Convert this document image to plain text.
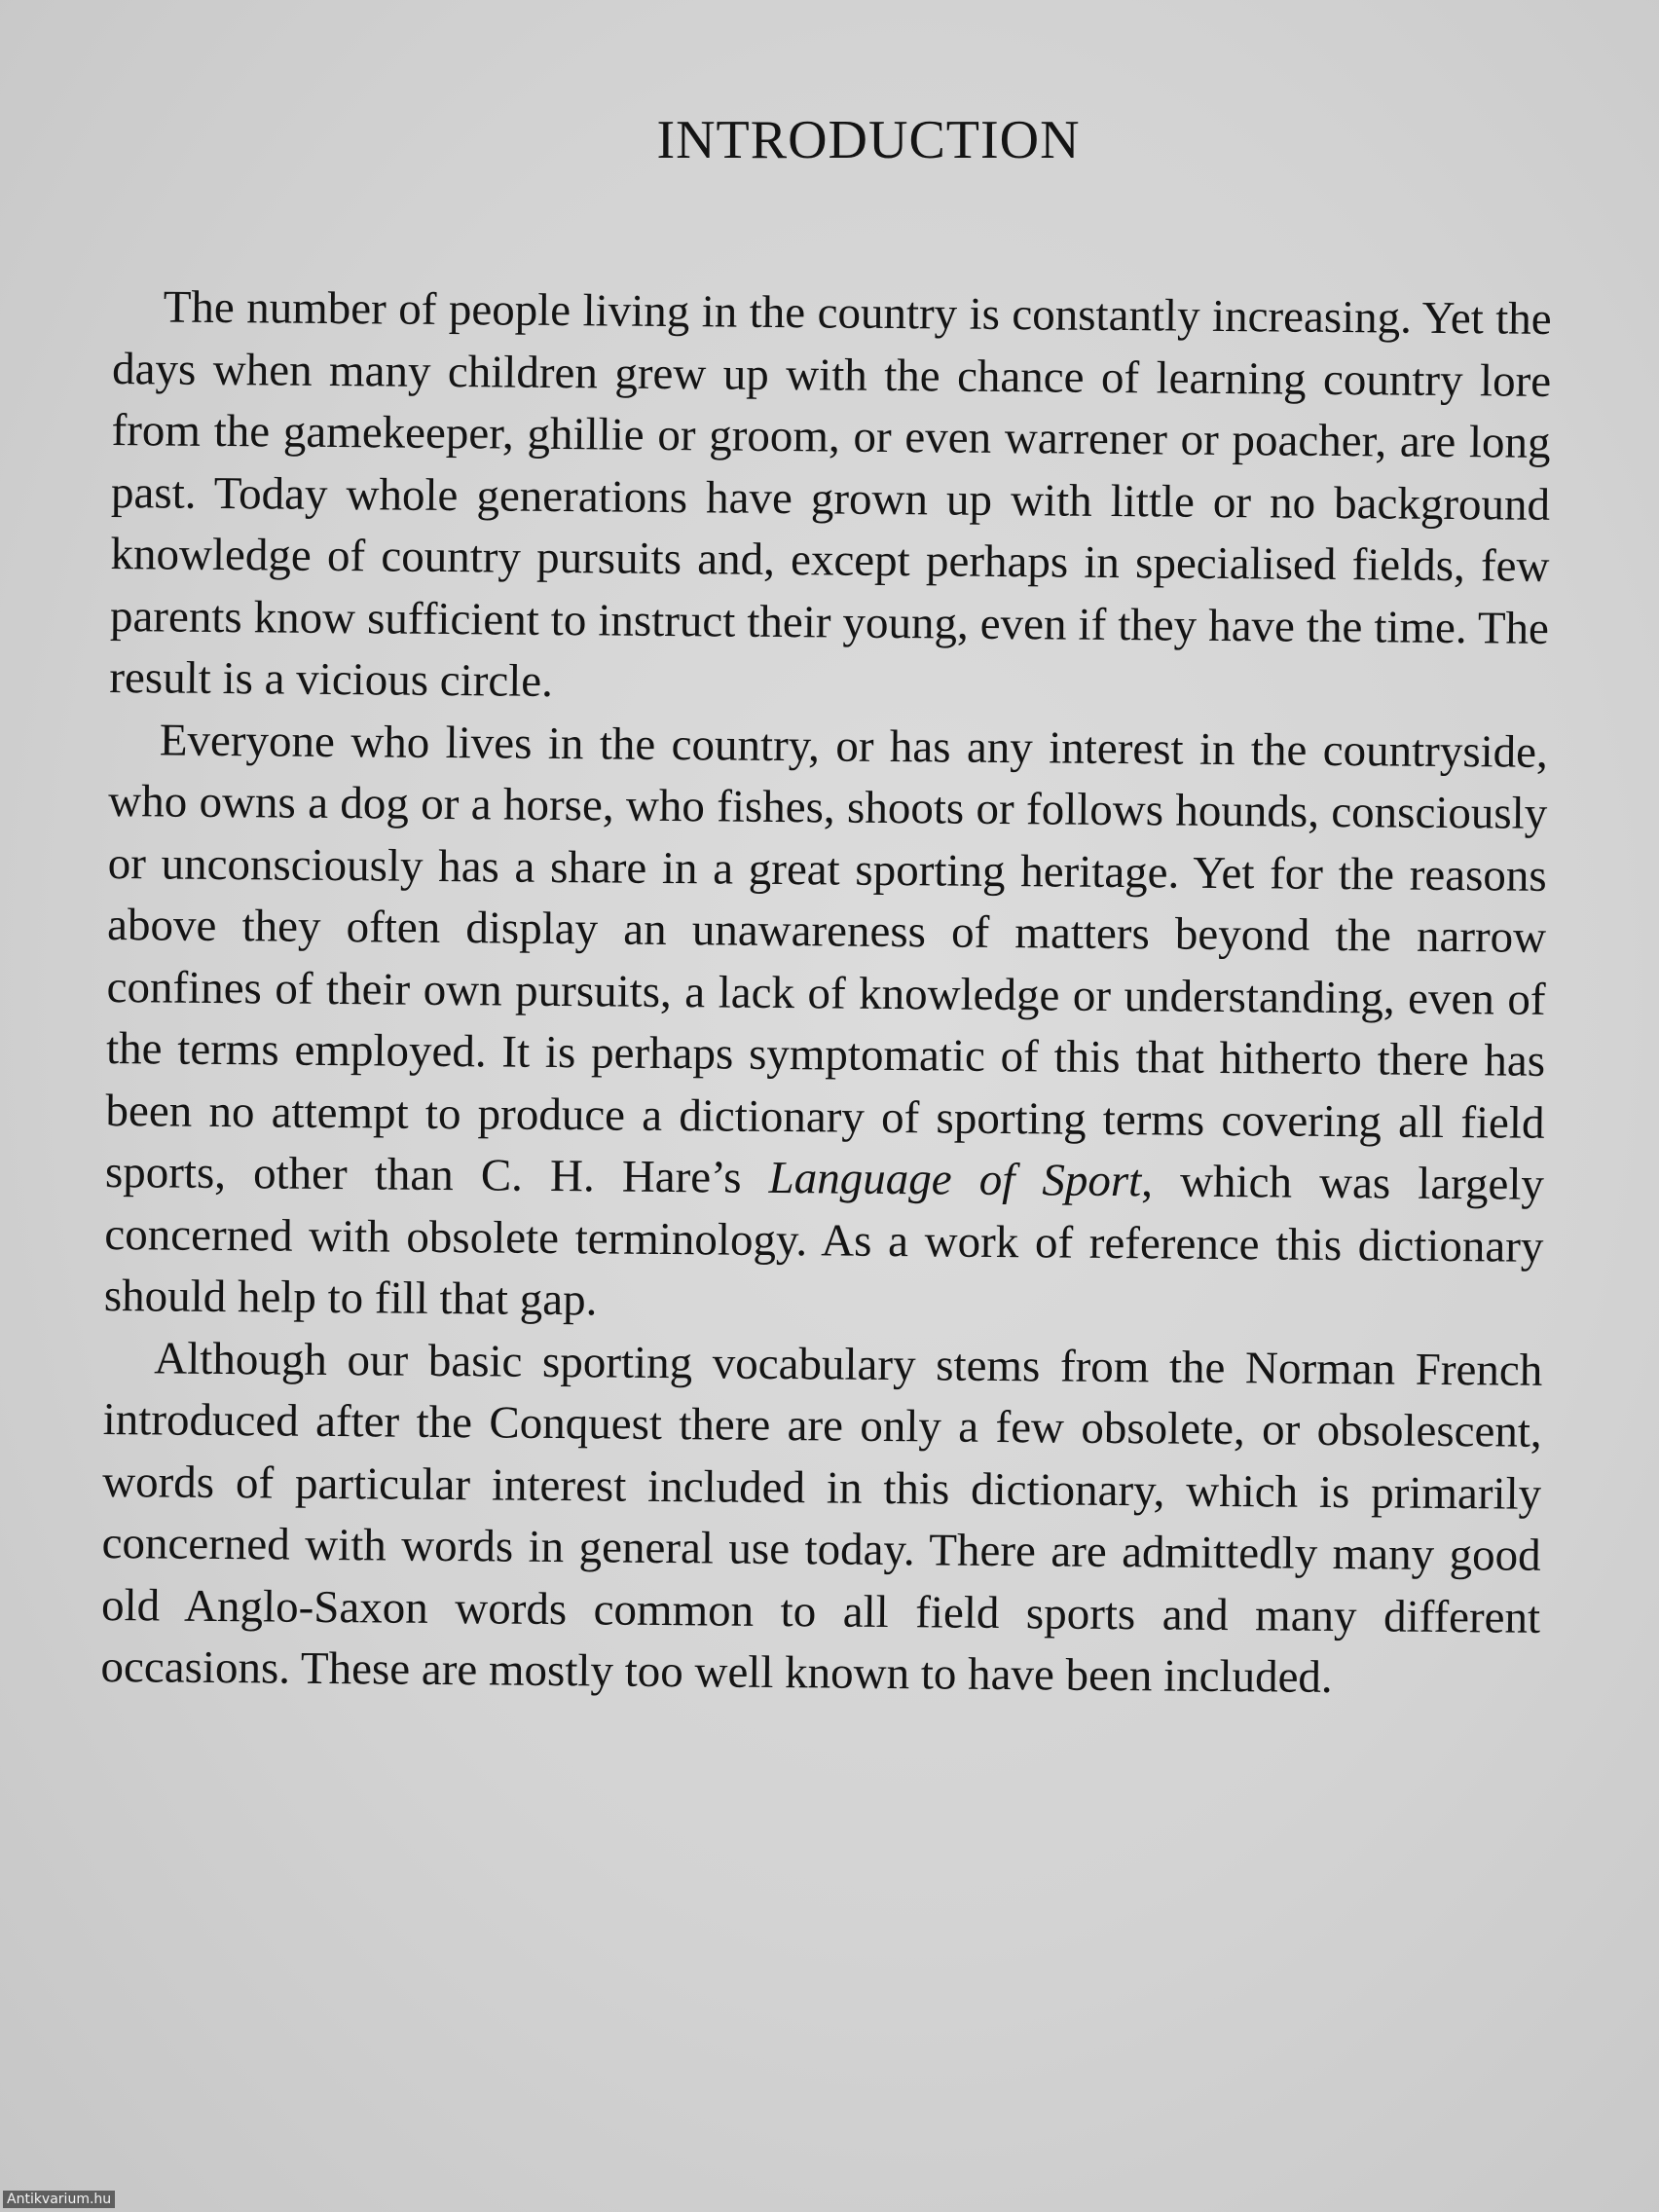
INTRODUCTION

The number of people living in the country is constantly increasing. Yet the days when many children grew up with the chance of learning country lore from the gamekeeper, ghillie or groom, or even warrener or poacher, are long past. Today whole generations have grown up with little or no background knowledge of country pursuits and, except perhaps in specialised fields, few parents know sufficient to instruct their young, even if they have the time. The result is a vicious circle.

Everyone who lives in the country, or has any interest in the countryside, who owns a dog or a horse, who fishes, shoots or follows hounds, consciously or unconsciously has a share in a great sporting heritage. Yet for the reasons above they often display an unawareness of matters beyond the narrow confines of their own pursuits, a lack of knowledge or understanding, even of the terms employed. It is perhaps symptomatic of this that hitherto there has been no attempt to produce a dictionary of sporting terms covering all field sports, other than C. H. Hare’s Language of Sport, which was largely concerned with obsolete terminology. As a work of reference this dictionary should help to fill that gap.

Although our basic sporting vocabulary stems from the Norman French introduced after the Conquest there are only a few obsolete, or obsolescent, words of particular interest included in this dictionary, which is primarily concerned with words in general use today. There are admittedly many good old Anglo-Saxon words common to all field sports and many different occasions. These are mostly too well known to have been included.

Antikvarium.hu
